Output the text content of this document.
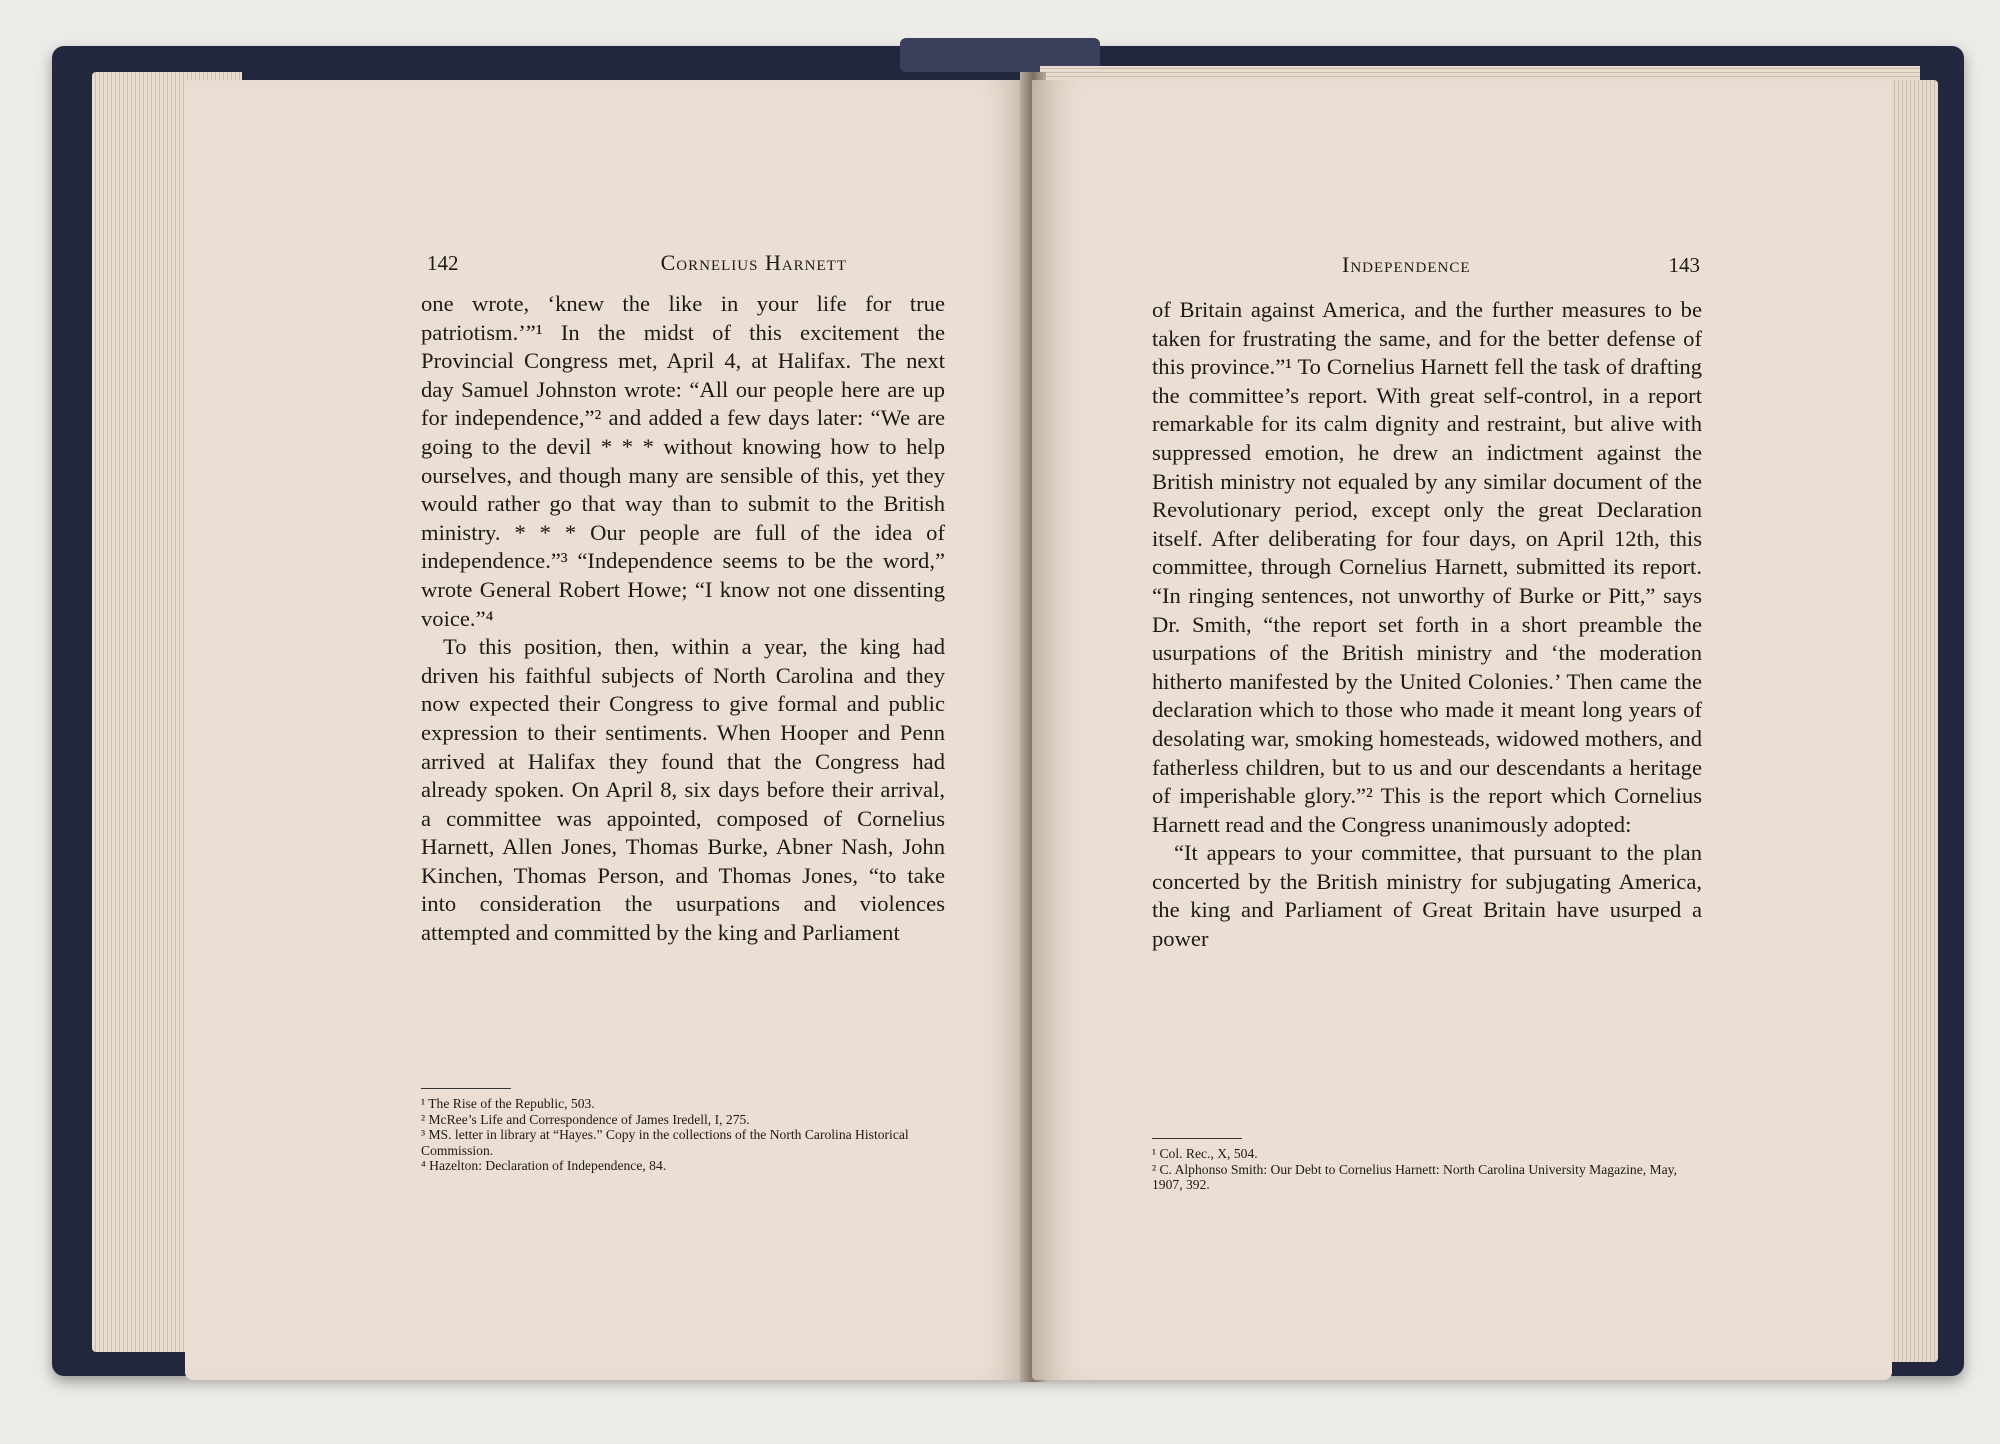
142	Cornelius Harnett

one wrote, ‘knew the like in your life for true patriotism.’”¹ In the midst of this excitement the Provincial Congress met, April 4, at Halifax. The next day Samuel Johnston wrote: “All our people here are up for independence,”² and added a few days later: “We are going to the devil * * * without knowing how to help ourselves, and though many are sensible of this, yet they would rather go that way than to submit to the British ministry. * * * Our people are full of the idea of independence.”³ “Independence seems to be the word,” wrote General Robert Howe; “I know not one dissenting voice.”⁴

To this position, then, within a year, the king had driven his faithful subjects of North Carolina and they now expected their Congress to give formal and public expression to their sentiments. When Hooper and Penn arrived at Halifax they found that the Congress had already spoken. On April 8, six days before their arrival, a committee was appointed, composed of Cornelius Harnett, Allen Jones, Thomas Burke, Abner Nash, John Kinchen, Thomas Person, and Thomas Jones, “to take into consideration the usurpations and violences attempted and committed by the king and Parliament

¹ The Rise of the Republic, 503.
² McRee’s Life and Correspondence of James Iredell, I, 275.
³ MS. letter in library at “Hayes.” Copy in the collections of the North Carolina Historical Commission.
⁴ Hazelton: Declaration of Independence, 84.
Independence	143

of Britain against America, and the further measures to be taken for frustrating the same, and for the better defense of this province.”¹ To Cornelius Harnett fell the task of drafting the committee’s report. With great self-control, in a report remarkable for its calm dignity and restraint, but alive with suppressed emotion, he drew an indictment against the British ministry not equaled by any similar document of the Revolutionary period, except only the great Declaration itself. After deliberating for four days, on April 12th, this committee, through Cornelius Harnett, submitted its report. “In ringing sentences, not unworthy of Burke or Pitt,” says Dr. Smith, “the report set forth in a short preamble the usurpations of the British ministry and ‘the moderation hitherto manifested by the United Colonies.’ Then came the declaration which to those who made it meant long years of desolating war, smoking homesteads, widowed mothers, and fatherless children, but to us and our descendants a heritage of imperishable glory.”² This is the report which Cornelius Harnett read and the Congress unanimously adopted:

“It appears to your committee, that pursuant to the plan concerted by the British ministry for subjugating America, the king and Parliament of Great Britain have usurped a power

¹ Col. Rec., X, 504.
² C. Alphonso Smith: Our Debt to Cornelius Harnett: North Carolina University Magazine, May, 1907, 392.
